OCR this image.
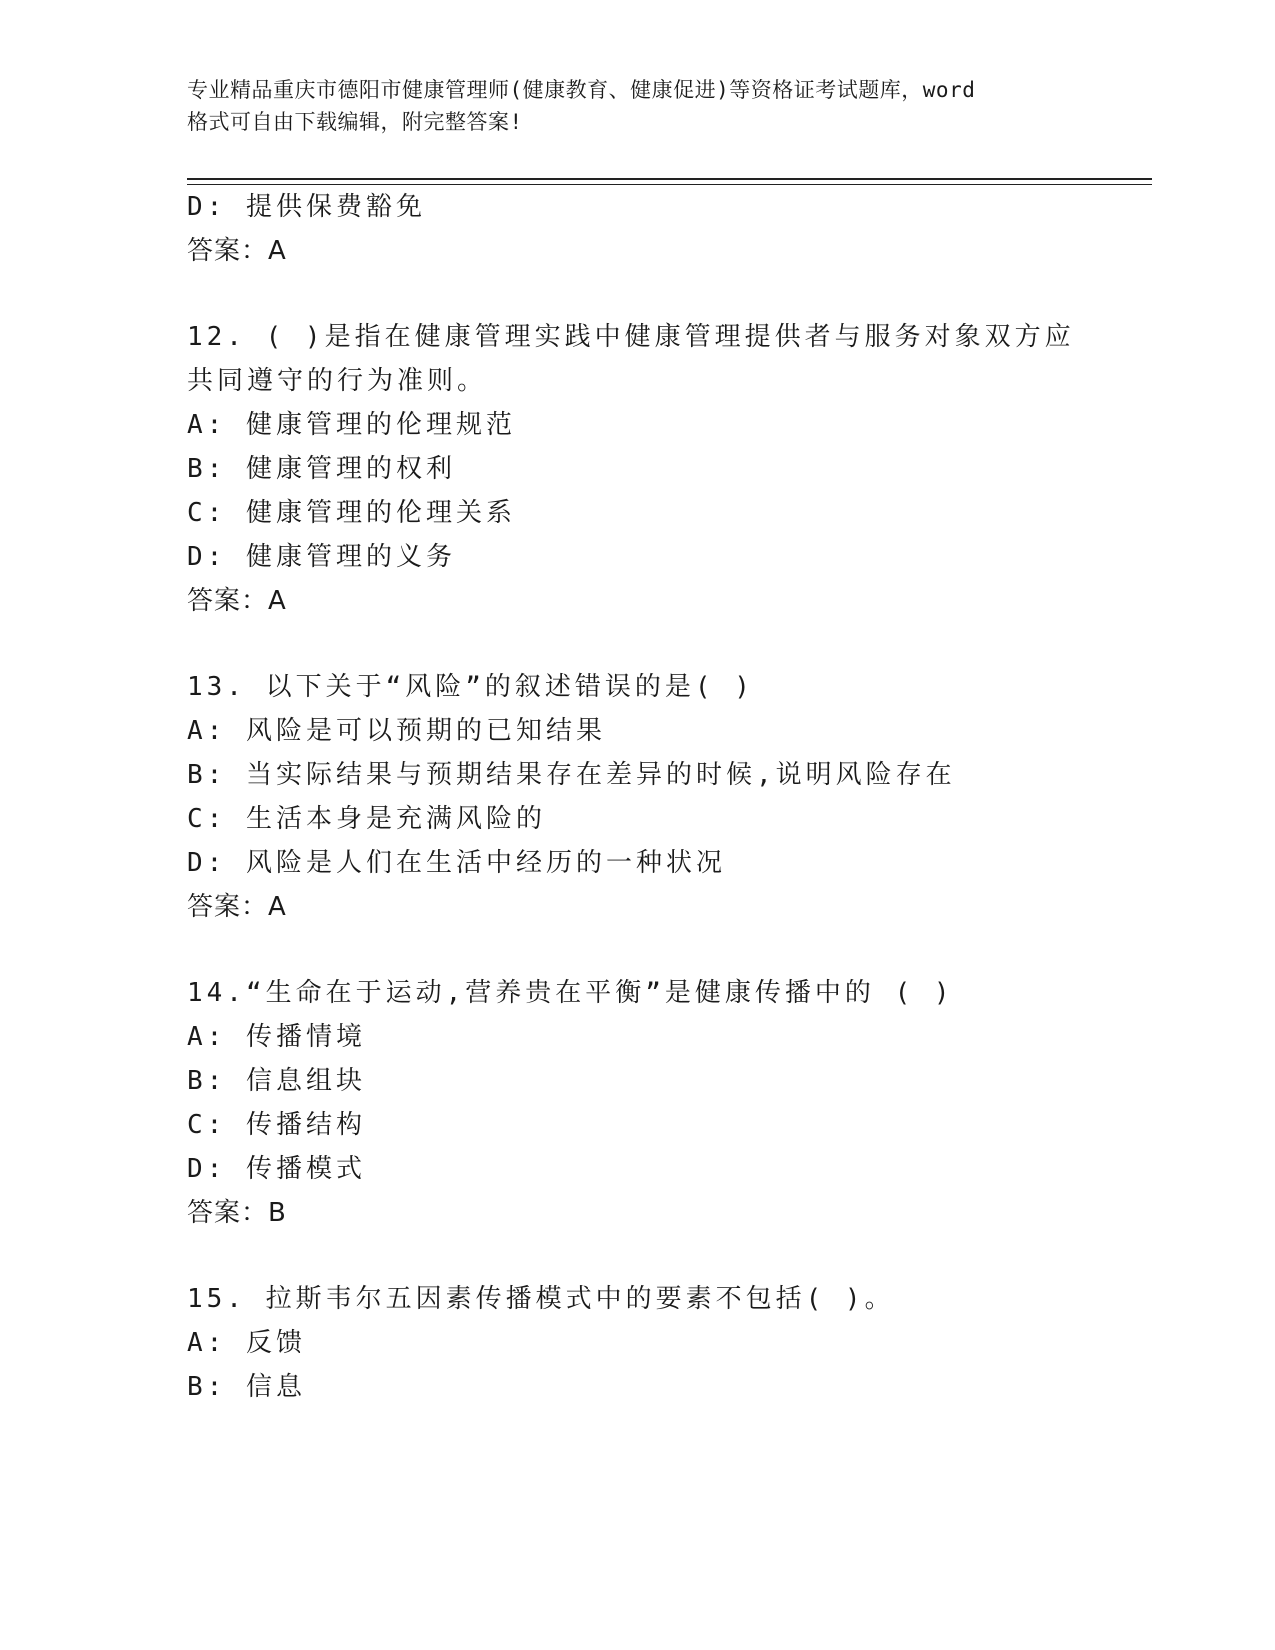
专业精品重庆市德阳市健康管理师(健康教育、健康促进)等资格证考试题库，word
格式可自由下载编辑，附完整答案!
D: 提供保费豁免
答案：A
12. ( )是指在健康管理实践中健康管理提供者与服务对象双方应
共同遵守的行为准则。
A: 健康管理的伦理规范
B: 健康管理的权利
C: 健康管理的伦理关系
D: 健康管理的义务
答案：A
13. 以下关于“风险”的叙述错误的是( )
A: 风险是可以预期的已知结果
B: 当实际结果与预期结果存在差异的时候,说明风险存在
C: 生活本身是充满风险的
D: 风险是人们在生活中经历的一种状况
答案：A
14.“生命在于运动,营养贵在平衡”是健康传播中的 ( )
A: 传播情境
B: 信息组块
C: 传播结构
D: 传播模式
答案：B
15. 拉斯韦尔五因素传播模式中的要素不包括( )。
A: 反馈
B: 信息
